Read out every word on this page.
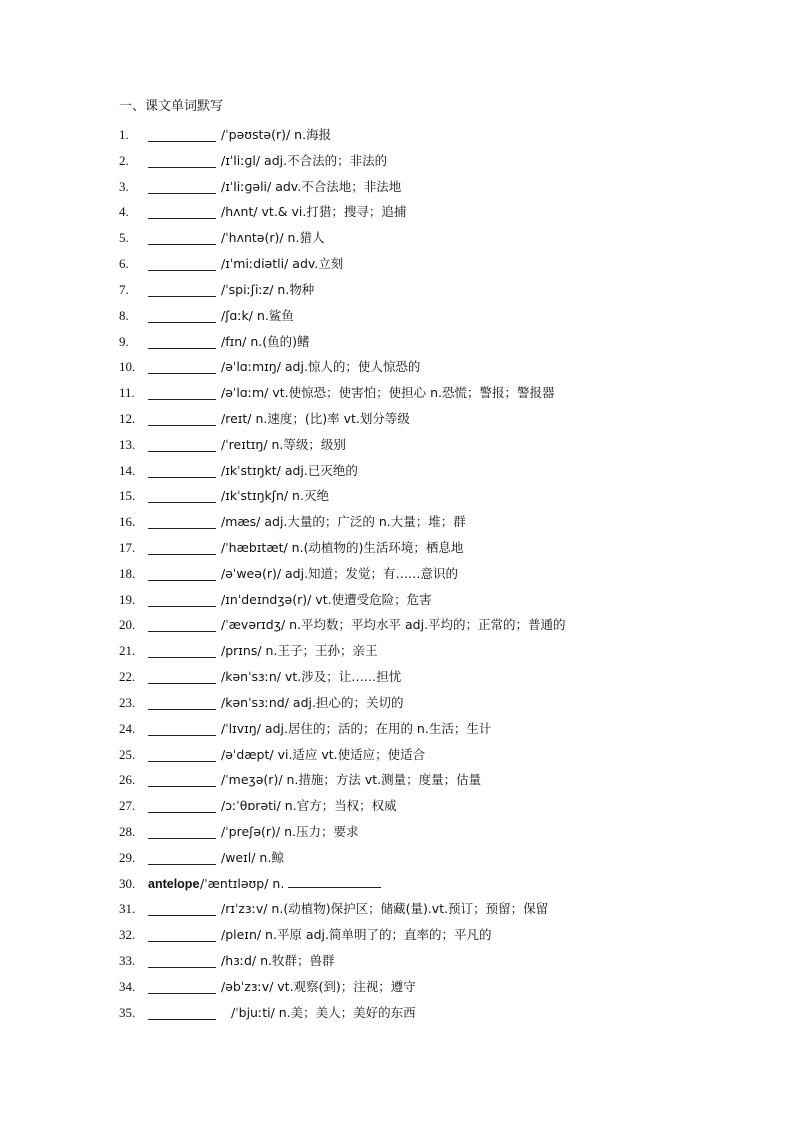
一、课文单词默写
1.	/ˈpəʊstə(r)/ n.海报
2.	/ɪˈliːɡl/ adj.不合法的；非法的
3.	/ɪˈliːɡəli/ adv.不合法地；非法地
4.	/hʌnt/ vt.& vi.打猎；搜寻；追捕
5.	/ˈhʌntə(r)/ n.猎人
6.	/ɪˈmiːdiətli/ adv.立刻
7.	/ˈspiːʃiːz/ n.物种
8.	/ʃɑːk/ n.鲨鱼
9.	/fɪn/ n.(鱼的)鳍
10.	/əˈlɑːmɪŋ/ adj.惊人的；使人惊恐的
11.	/əˈlɑːm/ vt.使惊恐；使害怕；使担心 n.恐慌；警报；警报器
12.	/reɪt/ n.速度；(比)率 vt.划分等级
13.	/ˈreɪtɪŋ/ n.等级；级别
14.	/ɪkˈstɪŋkt/ adj.已灭绝的
15.	/ɪkˈstɪŋkʃn/ n.灭绝
16.	/mæs/ adj.大量的；广泛的 n.大量；堆；群
17.	/ˈhæbɪtæt/ n.(动植物的)生活环境；栖息地
18.	/əˈweə(r)/ adj.知道；发觉；有……意识的
19.	/ɪnˈdeɪndʒə(r)/ vt.使遭受危险；危害
20.	/ˈævərɪdʒ/ n.平均数；平均水平 adj.平均的；正常的；普通的
21.	/prɪns/ n.王子；王孙；亲王
22.	/kənˈsɜːn/ vt.涉及；让……担忧
23.	/kənˈsɜːnd/ adj.担心的；关切的
24.	/ˈlɪvɪŋ/ adj.居住的；活的；在用的 n.生活；生计
25.	/əˈdæpt/ vi.适应 vt.使适应；使适合
26.	/ˈmeʒə(r)/ n.措施；方法 vt.测量；度量；估量
27.	/ɔːˈθɒrəti/ n.官方；当权；权威
28.	/ˈpreʃə(r)/ n.压力；要求
29.	/weɪl/ n.鲸
30.	antelope /ˈæntɪləʊp/ n.
31.	/rɪˈzɜːv/ n.(动植物)保护区；储藏(量).vt.预订；预留；保留
32.	/pleɪn/ n.平原 adj.简单明了的；直率的；平凡的
33.	/hɜːd/ n.牧群；兽群
34.	/əbˈzɜːv/ vt.观察(到)；注视；遵守
35.	/ˈbjuːti/ n.美；美人；美好的东西
